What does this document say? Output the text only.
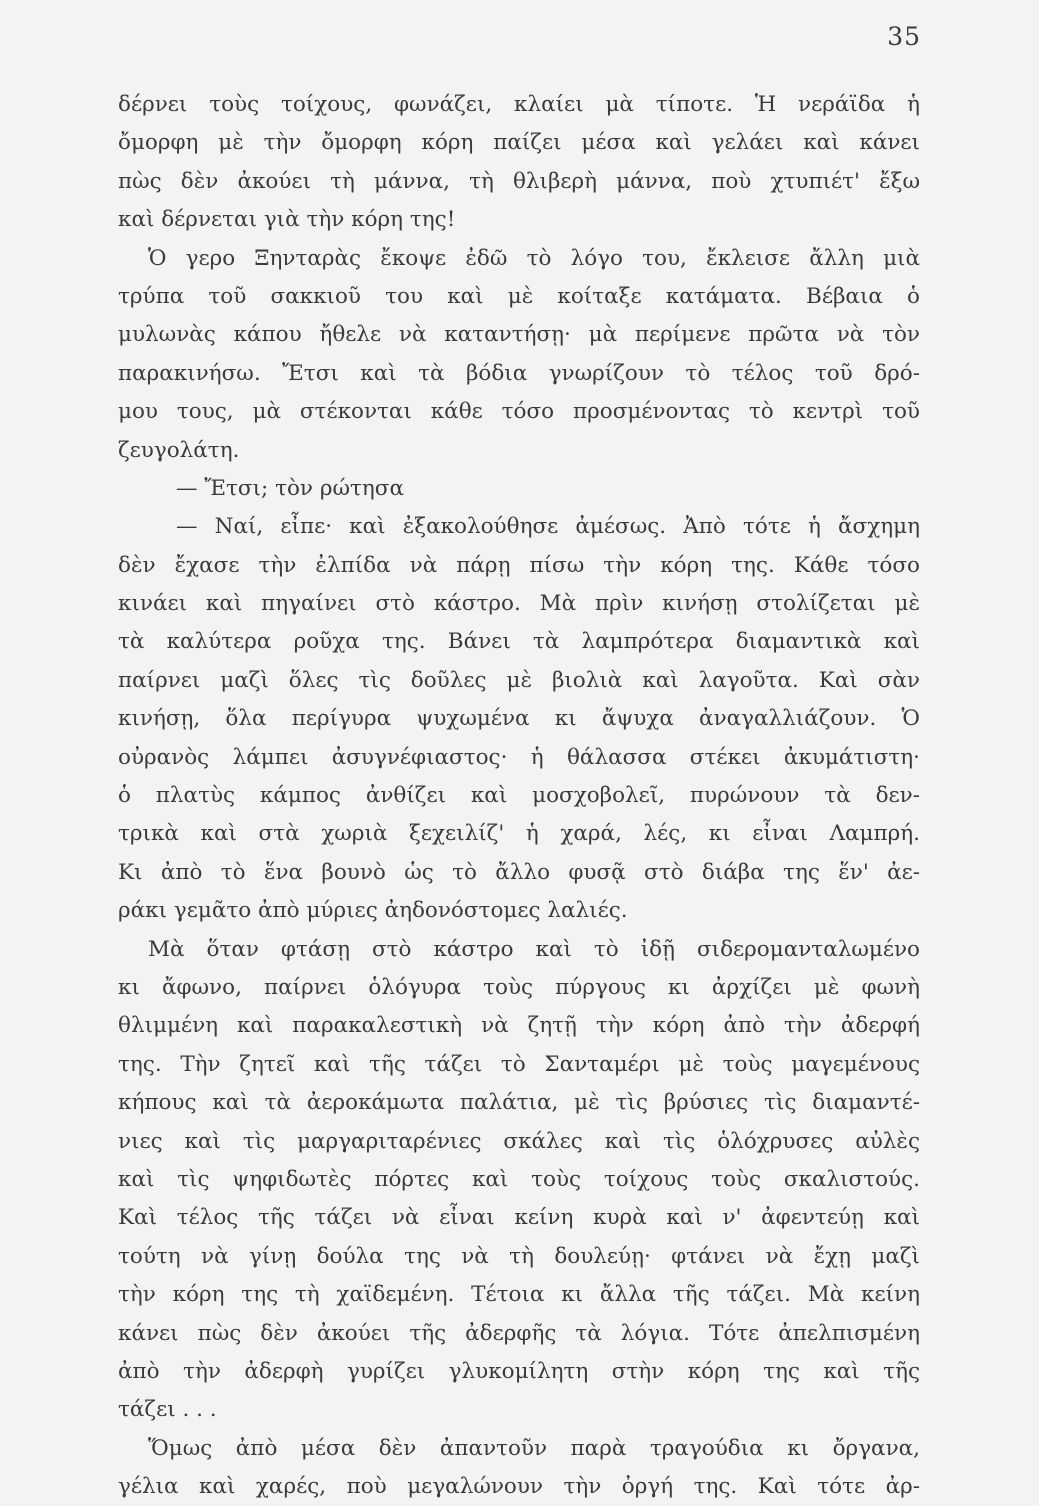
35
δέρνει τοὺς τοίχους, φωνάζει, κλαίει μὰ τίποτε. Ἡ νεράϊδα ἡ
ὄμορφη μὲ τὴν ὄμορφη κόρη παίζει μέσα καὶ γελάει καὶ κάνει
πὼς δὲν ἀκούει τὴ μάννα, τὴ θλιβερὴ μάννα, ποὺ χτυπιέτ' ἔξω
καὶ δέρνεται γιὰ τὴν κόρη της!
Ὁ γερο Ξηνταρὰς ἔκοψε ἐδῶ τὸ λόγο του, ἔκλεισε ἄλλη μιὰ
τρύπα τοῦ σακκιοῦ του καὶ μὲ κοίταξε κατάματα. Βέβαια ὁ
μυλωνὰς κάπου ἤθελε νὰ καταντήσῃ· μὰ περίμενε πρῶτα νὰ τὸν
παρακινήσω. Ἔτσι καὶ τὰ βόδια γνωρίζουν τὸ τέλος τοῦ δρό-
μου τους, μὰ στέκονται κάθε τόσο προσμένοντας τὸ κεντρὶ τοῦ
ζευγολάτη.
— Ἔτσι; τὸν ρώτησα
— Ναί, εἶπε· καὶ ἐξακολούθησε ἀμέσως. Ἀπὸ τότε ἡ ἄσχημη
δὲν ἔχασε τὴν ἐλπίδα νὰ πάρῃ πίσω τὴν κόρη της. Κάθε τόσο
κινάει καὶ πηγαίνει στὸ κάστρο. Μὰ πρὶν κινήσῃ στολίζεται μὲ
τὰ καλύτερα ροῦχα της. Βάνει τὰ λαμπρότερα διαμαντικὰ καὶ
παίρνει μαζὶ ὅλες τὶς δοῦλες μὲ βιολιὰ καὶ λαγοῦτα. Καὶ σὰν
κινήσῃ, ὅλα περίγυρα ψυχωμένα κι ἄψυχα ἀναγαλλιάζουν. Ὁ
οὐρανὸς λάμπει ἀσυγνέφιαστος· ἡ θάλασσα στέκει ἀκυμάτιστη·
ὁ πλατὺς κάμπος ἀνθίζει καὶ μοσχοβολεῖ, πυρώνουν τὰ δεν-
τρικὰ καὶ στὰ χωριὰ ξεχειλίζ' ἡ χαρά, λές, κι εἶναι Λαμπρή.
Κι ἀπὸ τὸ ἕνα βουνὸ ὡς τὸ ἄλλο φυσᾷ στὸ διάβα της ἕν' ἀε-
ράκι γεμᾶτο ἀπὸ μύριες ἀηδονόστομες λαλιές.
Μὰ ὅταν φτάσῃ στὸ κάστρο καὶ τὸ ἰδῇ σιδερομανταλωμένο
κι ἄφωνο, παίρνει ὁλόγυρα τοὺς πύργους κι ἀρχίζει μὲ φωνὴ
θλιμμένη καὶ παρακαλεστικὴ νὰ ζητῇ τὴν κόρη ἀπὸ τὴν ἀδερφή
της. Τὴν ζητεῖ καὶ τῆς τάζει τὸ Σανταμέρι μὲ τοὺς μαγεμένους
κήπους καὶ τὰ ἀεροκάμωτα παλάτια, μὲ τὶς βρύσιες τὶς διαμαντέ-
νιες καὶ τὶς μαργαριταρένιες σκάλες καὶ τὶς ὁλόχρυσες αὐλὲς
καὶ τὶς ψηφιδωτὲς πόρτες καὶ τοὺς τοίχους τοὺς σκαλιστούς.
Καὶ τέλος τῆς τάζει νὰ εἶναι κείνη κυρὰ καὶ ν' ἀφεντεύῃ καὶ
τούτη νὰ γίνῃ δούλα της νὰ τὴ δουλεύῃ· φτάνει νὰ ἔχῃ μαζὶ
τὴν κόρη της τὴ χαϊδεμένη. Τέτοια κι ἄλλα τῆς τάζει. Μὰ κείνη
κάνει πὼς δὲν ἀκούει τῆς ἀδερφῆς τὰ λόγια. Τότε ἀπελπισμένη
ἀπὸ τὴν ἀδερφὴ γυρίζει γλυκομίλητη στὴν κόρη της καὶ τῆς
τάζει . . .
Ὅμως ἀπὸ μέσα δὲν ἀπαντοῦν παρὰ τραγούδια κι ὄργανα,
γέλια καὶ χαρές, ποὺ μεγαλώνουν τὴν ὀργή της. Καὶ τότε ἀρ-
